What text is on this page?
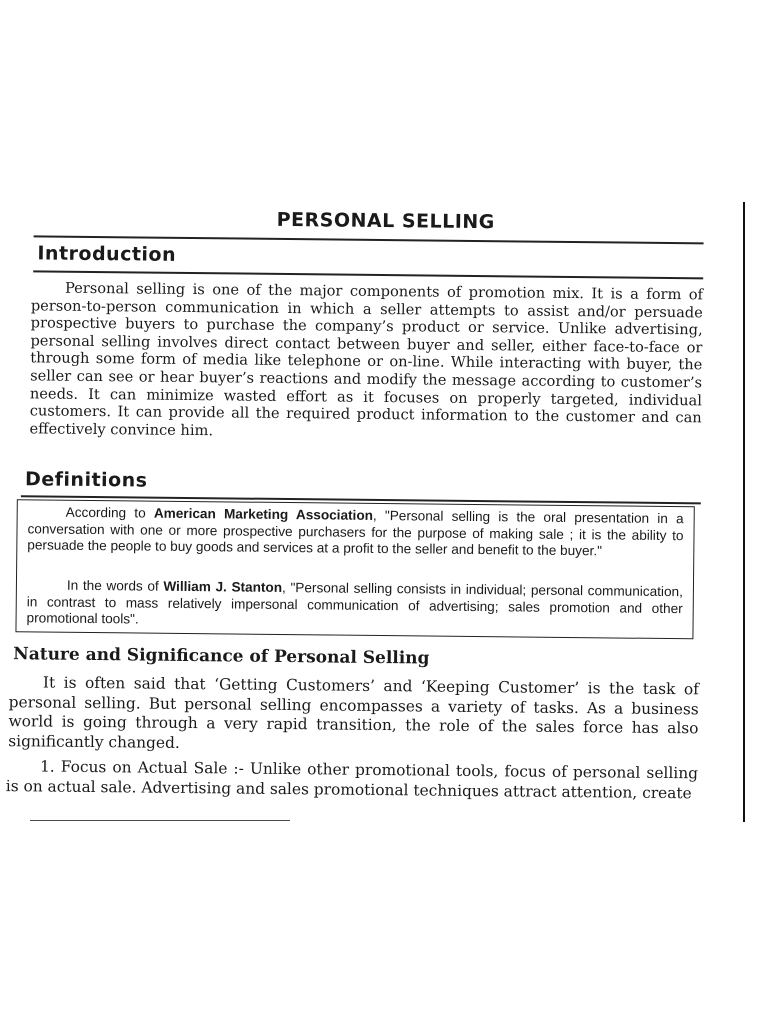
PERSONAL SELLING
Introduction

Personal selling is one of the major components of promotion mix. It is a form of person-to-person communication in which a seller attempts to assist and/or persuade prospective buyers to purchase the company’s product or service. Unlike advertising, personal selling involves direct contact between buyer and seller, either face-to-face or through some form of media like telephone or on-line. While interacting with buyer, the seller can see or hear buyer’s reactions and modify the message according to customer’s needs. It can minimize wasted effort as it focuses on properly targeted, individual customers. It can provide all the required product information to the customer and can effectively convince him.

Definitions

According to American Marketing Association, "Personal selling is the oral presentation in a conversation with one or more prospective purchasers for the purpose of making sale ; it is the ability to persuade the people to buy goods and services at a profit to the seller and benefit to the buyer."

In the words of William J. Stanton, "Personal selling consists in individual; personal communication, in contrast to mass relatively impersonal communication of advertising; sales promotion and other promotional tools".

Nature and Significance of Personal Selling

It is often said that ‘Getting Customers’ and ‘Keeping Customer’ is the task of personal selling. But personal selling encompasses a variety of tasks. As a business world is going through a very rapid transition, the role of the sales force has also significantly changed.

1. Focus on Actual Sale :- Unlike other promotional tools, focus of personal selling is on actual sale. Advertising and sales promotional techniques attract attention, create
